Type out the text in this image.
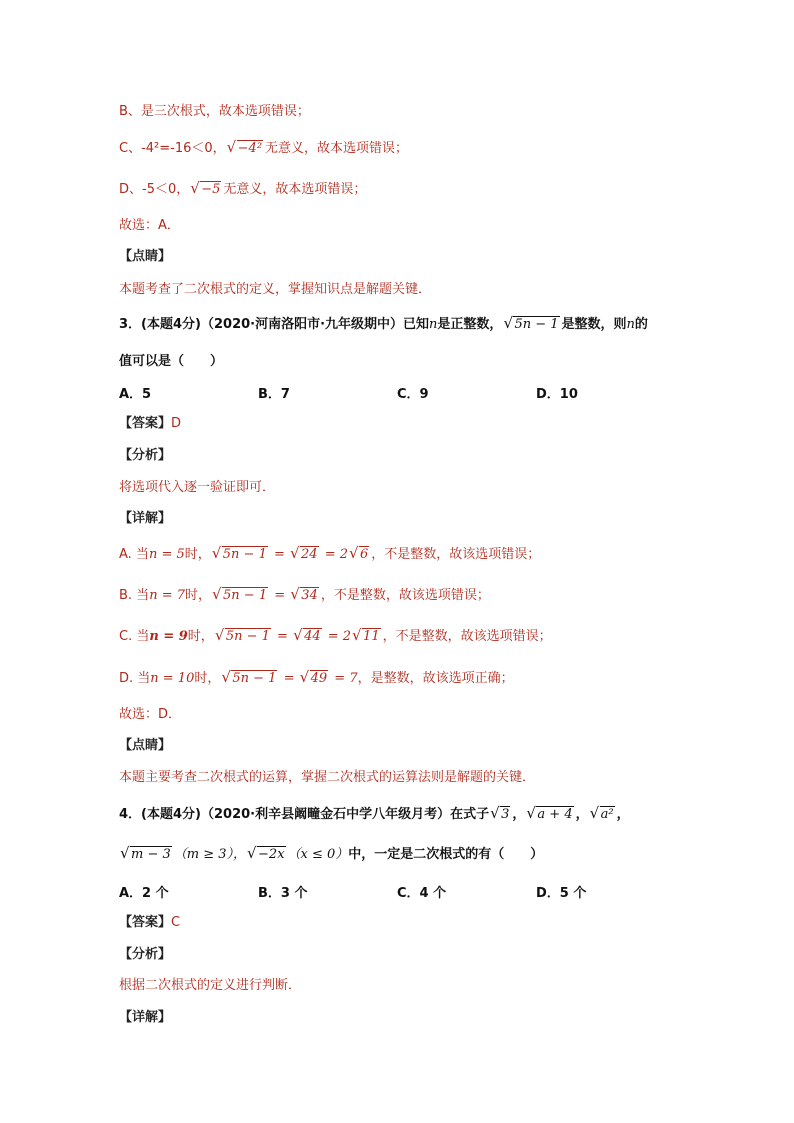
B、是三次根式，故本选项错误；
C、-4²=-16＜0， √ −4² 无意义，故本选项错误；
D、-5＜0， √ −5 无意义，故本选项错误；
故选：A．
【点睛】
本题考查了二次根式的定义，掌握知识点是解题关键．
3．(本题4分)（2020·河南洛阳市·九年级期中）已知n是正整数， √ 5n − 1 是整数，则n的
值可以是（　　）
A．5	B．7	C．9	D．10
【答案】D
【分析】
将选项代入逐一验证即可．
【详解】
A. 当n = 5时， √ 5n − 1 = √ 24 = 2 √ 6 ，不是整数，故该选项错误；
B. 当n = 7时， √ 5n − 1 = √ 34 ，不是整数，故该选项错误；
C. 当n = 9时， √ 5n − 1 = √ 44 = 2 √ 11 ，不是整数，故该选项错误；
D. 当n = 10时， √ 5n − 1 = √ 49 = 7，是整数，故该选项正确；
故选：D．
【点睛】
本题主要考查二次根式的运算，掌握二次根式的运算法则是解题的关键．
4．(本题4分)（2020·利辛县阚疃金石中学八年级月考）在式子 √ 3 ， √ a + 4 ， √ a² ，
√ m − 3 （m ≥ 3）， √ −2x （x ≤ 0）中，一定是二次根式的有（　　）
A．2 个	B．3 个	C．4 个	D．5 个
【答案】C
【分析】
根据二次根式的定义进行判断．
【详解】
